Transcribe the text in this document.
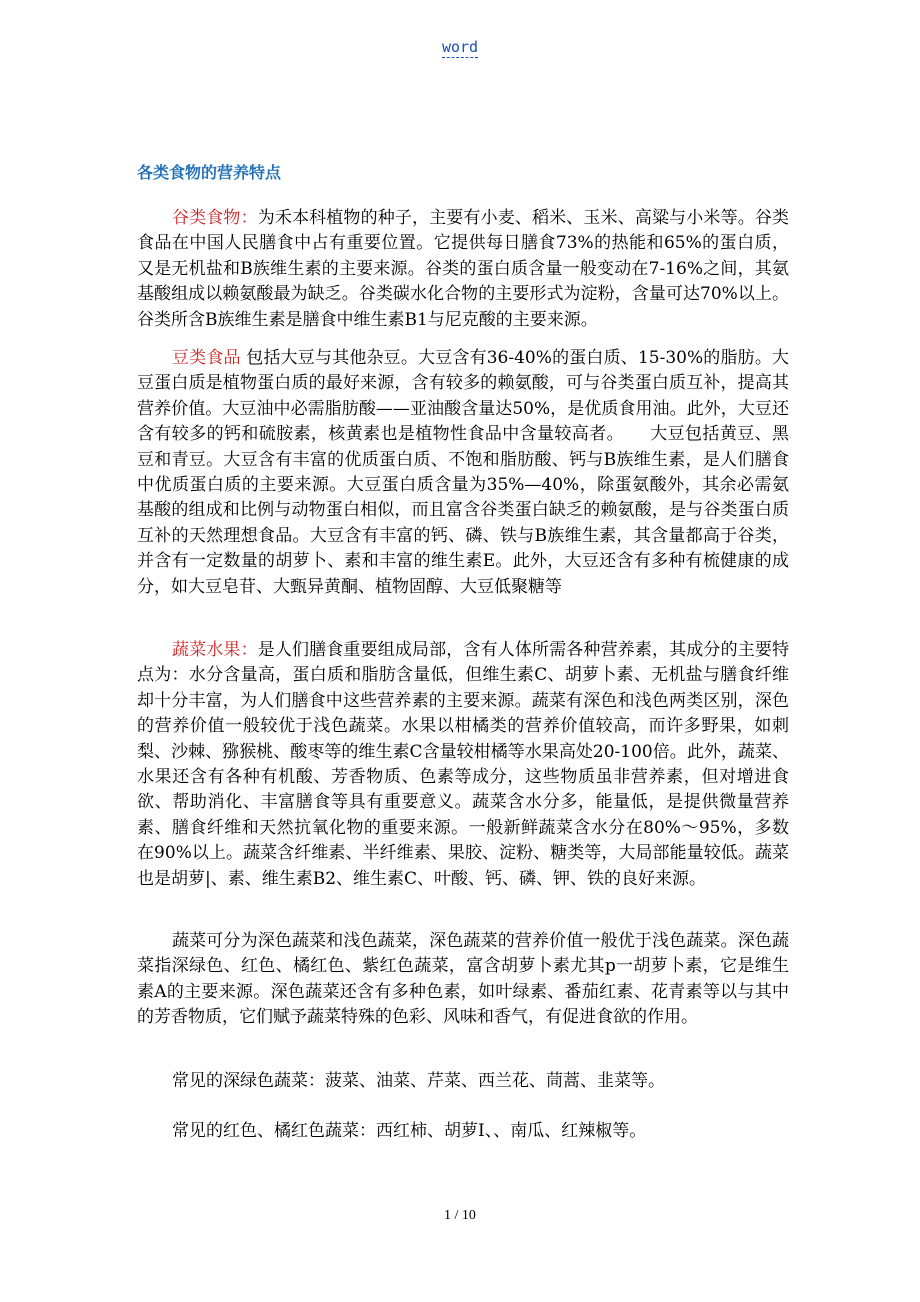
word
各类食物的营养特点

谷类食物：为禾本科植物的种子，主要有小麦、稻米、玉米、高粱与小米等。谷类食品在中国人民膳食中占有重要位置。它提供每日膳食73%的热能和65%的蛋白质，又是无机盐和B族维生素的主要来源。谷类的蛋白质含量一般变动在7-16%之间，其氨基酸组成以赖氨酸最为缺乏。谷类碳水化合物的主要形式为淀粉，含量可达70%以上。谷类所含B族维生素是膳食中维生素B1与尼克酸的主要来源。

豆类食品 包括大豆与其他杂豆。大豆含有36-40%的蛋白质、15-30%的脂肪。大豆蛋白质是植物蛋白质的最好来源，含有较多的赖氨酸，可与谷类蛋白质互补，提高其营养价值。大豆油中必需脂肪酸——亚油酸含量达50%，是优质食用油。此外，大豆还含有较多的钙和硫胺素，核黄素也是植物性食品中含量较高者。　　大豆包括黄豆、黑豆和青豆。大豆含有丰富的优质蛋白质、不饱和脂肪酸、钙与B族维生素，是人们膳食中优质蛋白质的主要来源。大豆蛋白质含量为35%—40%，除蛋氨酸外，其余必需氨基酸的组成和比例与动物蛋白相似，而且富含谷类蛋白缺乏的赖氨酸，是与谷类蛋白质互补的天然理想食品。大豆含有丰富的钙、磷、铁与B族维生素，其含量都高于谷类，并含有一定数量的胡萝卜、素和丰富的维生素E。此外，大豆还含有多种有梳健康的成分，如大豆皂苷、大甄异黄酮、植物固醇、大豆低聚糖等

蔬菜水果：是人们膳食重要组成局部，含有人体所需各种营养素，其成分的主要特点为：水分含量高，蛋白质和脂肪含量低，但维生素C、胡萝卜素、无机盐与膳食纤维却十分丰富，为人们膳食中这些营养素的主要来源。蔬菜有深色和浅色两类区别，深色的营养价值一般较优于浅色蔬菜。水果以柑橘类的营养价值较高，而许多野果，如刺梨、沙棘、猕猴桃、酸枣等的维生素C含量较柑橘等水果高处20-100倍。此外，蔬菜、水果还含有各种有机酸、芳香物质、色素等成分，这些物质虽非营养素，但对增进食欲、帮助消化、丰富膳食等具有重要意义。蔬菜含水分多，能量低，是提供微量营养素、膳食纤维和天然抗氧化物的重要来源。一般新鲜蔬菜含水分在80%～95%，多数在90%以上。蔬菜含纤维素、半纤维素、果胶、淀粉、糖类等，大局部能量较低。蔬菜也是胡萝|、素、维生素B2、维生素C、叶酸、钙、磷、钾、铁的良好来源。

蔬菜可分为深色蔬菜和浅色蔬菜，深色蔬菜的营养价值一般优于浅色蔬菜。深色蔬菜指深绿色、红色、橘红色、紫红色蔬菜，富含胡萝卜素尤其p一胡萝卜素，它是维生素A的主要来源。深色蔬菜还含有多种色素，如叶绿素、番茄红素、花青素等以与其中的芳香物质，它们赋予蔬菜特殊的色彩、风味和香气，有促进食欲的作用。

常见的深绿色蔬菜：菠菜、油菜、芹菜、西兰花、茼蒿、韭菜等。

常见的红色、橘红色蔬菜：西红柿、胡萝Ⅰ、、南瓜、红辣椒等。

1 / 10
